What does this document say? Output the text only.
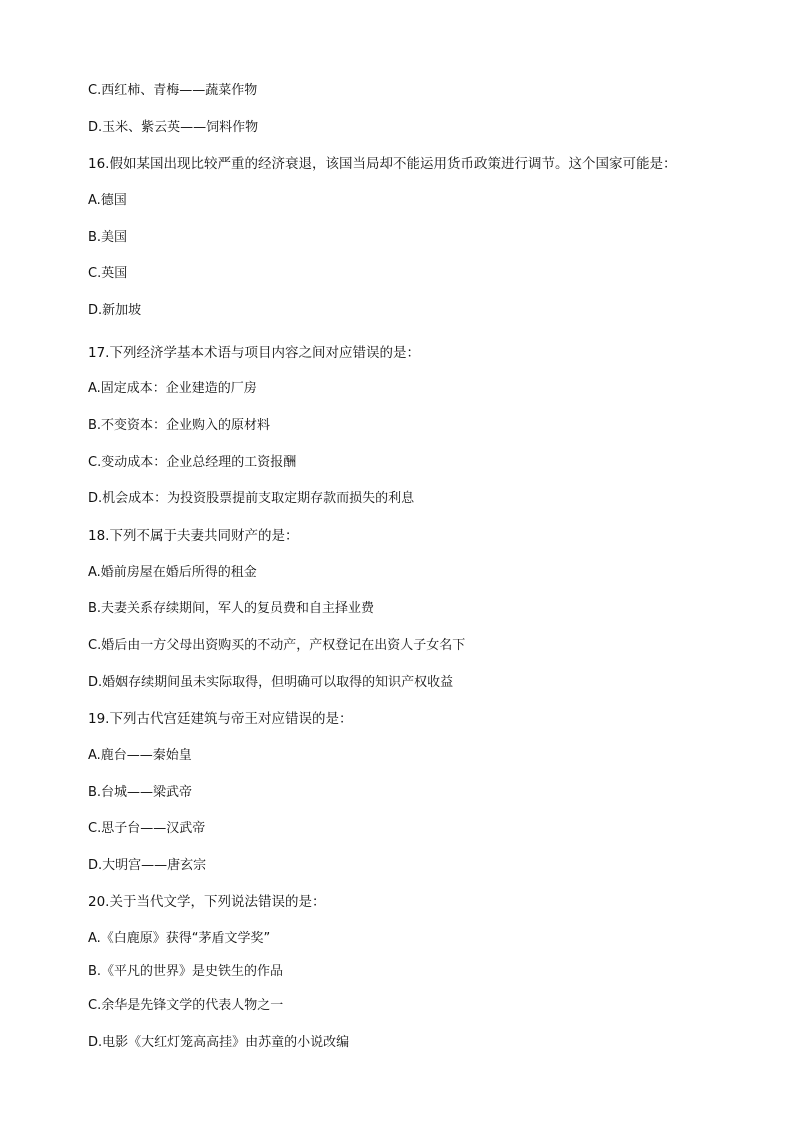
C.西红柿、青梅——蔬菜作物
D.玉米、紫云英——饲料作物
16.假如某国出现比较严重的经济衰退，该国当局却不能运用货币政策进行调节。这个国家可能是：
A.德国
B.美国
C.英国
D.新加坡
17.下列经济学基本术语与项目内容之间对应错误的是：
A.固定成本：企业建造的厂房
B.不变资本：企业购入的原材料
C.变动成本：企业总经理的工资报酬
D.机会成本：为投资股票提前支取定期存款而损失的利息
18.下列不属于夫妻共同财产的是：
A.婚前房屋在婚后所得的租金
B.夫妻关系存续期间，军人的复员费和自主择业费
C.婚后由一方父母出资购买的不动产，产权登记在出资人子女名下
D.婚姻存续期间虽未实际取得，但明确可以取得的知识产权收益
19.下列古代宫廷建筑与帝王对应错误的是：
A.鹿台——秦始皇
B.台城——梁武帝
C.思子台——汉武帝
D.大明宫——唐玄宗
20.关于当代文学，下列说法错误的是：
A.《白鹿原》获得“茅盾文学奖”
B.《平凡的世界》是史铁生的作品
C.余华是先锋文学的代表人物之一
D.电影《大红灯笼高高挂》由苏童的小说改编
